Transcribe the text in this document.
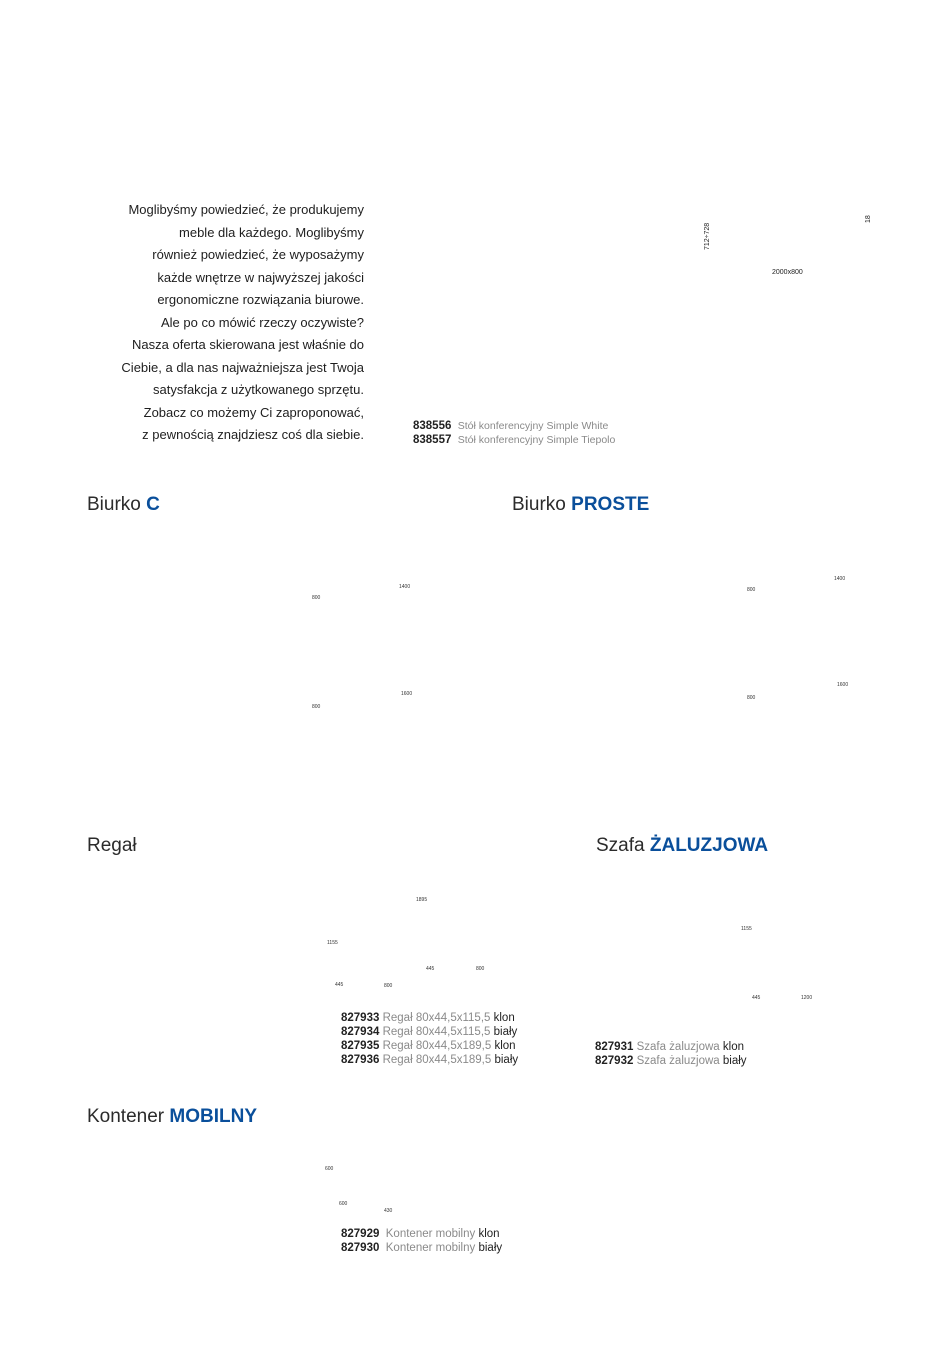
Moglibyśmy powiedzieć, że produkujemy
meble dla każdego. Moglibyśmy
również powiedzieć, że wyposażymy
każde wnętrze w najwyższej jakości
ergonomiczne rozwiązania biurowe.
Ale po co mówić rzeczy oczywiste?
Nasza oferta skierowana jest właśnie do
Ciebie, a dla nas najważniejsza jest Twoja
satysfakcja z użytkowanego sprzętu.
Zobacz co możemy Ci zaproponować,
z pewnością znajdziesz coś dla siebie.
712÷728
18
2000x800
838556 Stół konferencyjny Simple White
838557 Stół konferencyjny Simple Tiepolo
Biurko C
800
1400
800
1600
Biurko PROSTE
800
1400
800
1600
Regał
1895
1155
445	800
445	800
827933 Regał 80x44,5x115,5 klon
827934 Regał 80x44,5x115,5 biały
827935 Regał 80x44,5x189,5 klon
827936 Regał 80x44,5x189,5 biały
Szafa ŻALUZJOWA
1155
445	1200
827931 Szafa żaluzjowa klon
827932 Szafa żaluzjowa biały
Kontener MOBILNY
600
600
430
827929 Kontener mobilny klon
827930 Kontener mobilny biały
